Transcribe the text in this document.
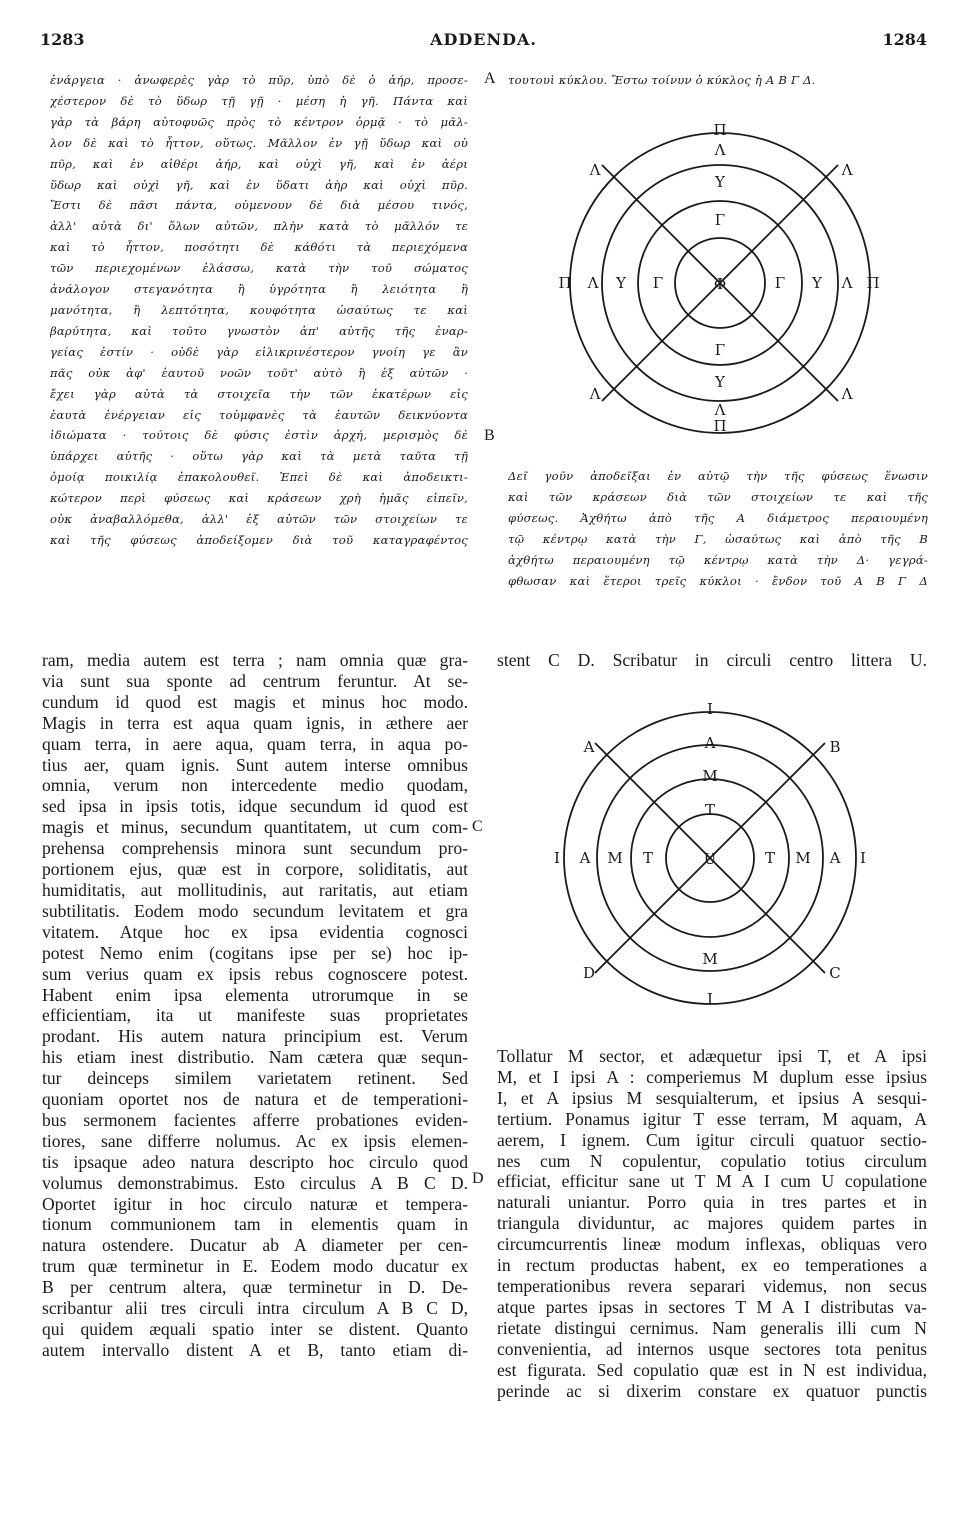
1283	ADDENDA.	1284
ἐνάργεια · ἀνωφερὲς γὰρ τὸ πῦρ, ὑπὸ δὲ ὁ ἀήρ, προσε-
χέστερον δὲ τὸ ὕδωρ τῇ γῇ · μέση ἡ γῆ. Πάντα καὶ
γὰρ τὰ βάρη αὐτοφυῶς πρὸς τὸ κέντρον ὁρμᾷ · τὸ μᾶλ-
λον δὲ καὶ τὸ ἧττον, οὕτως. Μᾶλλον ἐν γῇ ὕδωρ καὶ οὐ
πῦρ, καὶ ἐν αἰθέρι ἀήρ, καὶ οὐχὶ γῆ, καὶ ἐν ἀέρι
ὕδωρ καὶ οὐχὶ γῆ, καὶ ἐν ὕδατι ἀὴρ καὶ οὐχὶ πῦρ.
Ἔστι δὲ πᾶσι πάντα, οὐμενουν δὲ διὰ μέσου τινός,
ἀλλ' αὐτὰ δι' ὅλων αὐτῶν, πλὴν κατὰ τὸ μᾶλλόν τε
καὶ τὸ ἧττον, ποσότητι δὲ κάθότι τὰ περιεχόμενα
τῶν περιεχομένων ἐλάσσω, κατὰ τὴν τοῦ σώματος
ἀνάλογον στεγανότητα ἢ ὑγρότητα ἢ λειότητα ἢ
μανότητα, ἢ λεπτότητα, κουφότητα ὡσαύτως τε καὶ
βαρύτητα, καὶ τοῦτο γνωστὸν ἀπ' αὐτῆς τῆς ἐναρ-
γείας ἐστίν · οὐδὲ γὰρ εἰλικρινέστερον γνοίη γε ἂν
πᾶς οὐκ ἀφ' ἑαυτοῦ νοῶν τοῦτ' αὐτὸ ἢ ἐξ αὐτῶν ·
ἔχει γὰρ αὐτὰ τὰ στοιχεῖα τὴν τῶν ἑκατέρων εἰς
ἑαυτὰ ἐνέργειαν εἰς τοὐμφανὲς τὰ ἑαυτῶν δεικνύοντα
ἰδιώματα · τούτοις δὲ φύσις ἐστὶν ἀρχή, μερισμὸς δὲ
ὑπάρχει αὐτῆς · οὕτω γὰρ καὶ τὰ μετὰ ταῦτα τῇ
ὁμοίᾳ ποικιλίᾳ ἐπακολουθεῖ. Ἐπεὶ δὲ καὶ ἀποδεικτι-
κώτερον περὶ φύσεως καὶ κράσεων χρὴ ἡμᾶς εἰπεῖν,
οὐκ ἀναβαλλόμεθα, ἀλλ' ἐξ αὐτῶν τῶν στοιχείων τε
καὶ τῆς φύσεως ἀποδείξομεν διὰ τοῦ καταγραφέντος
A
B
τουτουὶ κύκλου. Ἔστω τοίνυν ὁ κύκλος ἡ Α Β Γ Δ.
Π
Λ
Υ
Γ
Φ
Γ
Υ
Λ
Π
Π Λ Υ Γ	Γ Υ Λ Π
Λ	Λ
Λ	Λ
Δεῖ γοῦν ἀποδεῖξαι ἐν αὐτῷ τὴν τῆς φύσεως ἕνωσιν
καὶ τῶν κράσεων διὰ τῶν στοιχείων τε καὶ τῆς
φύσεως. Ἀχθήτω ἀπὸ τῆς Α διάμετρος περαιουμένη
τῷ κέντρῳ κατὰ τὴν Γ, ὡσαύτως καὶ ἀπὸ τῆς Β
ἀχθήτω περαιουμένη τῷ κέντρῳ κατὰ τὴν Δ· γεγρά-
φθωσαν καὶ ἕτεροι τρεῖς κύκλοι · ἔνδον τοῦ Α Β Γ Δ
ram, media autem est terra ; nam omnia quæ gra-
via sunt sua sponte ad centrum feruntur. At se-
cundum id quod est magis et minus hoc modo.
Magis in terra est aqua quam ignis, in æthere aer
quam terra, in aere aqua, quam terra, in aqua po-
tius aer, quam ignis. Sunt autem interse omnibus
omnia, verum non intercedente medio quodam,
sed ipsa in ipsis totis, idque secundum id quod est
magis et minus, secundum quantitatem, ut cum com-
prehensa comprehensis minora sunt secundum pro-
portionem ejus, quæ est in corpore, soliditatis, aut
humiditatis, aut mollitudinis, aut raritatis, aut etiam
subtilitatis. Eodem modo secundum levitatem et gra
vitatem. Atque hoc ex ipsa evidentia cognosci
potest Nemo enim (cogitans ipse per se) hoc ip-
sum verius quam ex ipsis rebus cognoscere potest.
Habent enim ipsa elementa utrorumque in se
efficientiam, ita ut manifeste suas proprietates
prodant. His autem natura principium est. Verum
his etiam inest distributio. Nam cætera quæ sequn-
tur deinceps similem varietatem retinent. Sed
quoniam oportet nos de natura et de temperationi-
bus sermonem facientes afferre probationes eviden-
tiores, sane differre nolumus. Ac ex ipsis elemen-
tis ipsaque adeo natura descripto hoc circulo quod
volumus demonstrabimus. Esto circulus A B C D.
Oportet igitur in hoc circulo naturæ et tempera-
tionum communionem tam in elementis quam in
natura ostendere. Ducatur ab A diameter per cen-
trum quæ terminetur in E. Eodem modo ducatur ex
B per centrum altera, quæ terminetur in D. De-
scribantur alii tres circuli intra circulum A B C D,
qui quidem æquali spatio inter se distent. Quanto
autem intervallo distent A et B, tanto etiam di-
C
D
stent C D. Scribatur in circuli centro littera U.
I
A
M
T
U
M
I
I A M T	T M A I
A	B
D	C
Tollatur M sector, et adæquetur ipsi T, et A ipsi
M, et I ipsi A : comperiemus M duplum esse ipsius
I, et A ipsius M sesquialterum, et ipsius A sesqui-
tertium. Ponamus igitur T esse terram, M aquam, A
aerem, I ignem. Cum igitur circuli quatuor sectio-
nes cum N copulentur, copulatio totius circulum
efficiat, efficitur sane ut T M A I cum U copulatione
naturali uniantur. Porro quia in tres partes et in
triangula dividuntur, ac majores quidem partes in
circumcurrentis lineæ modum inflexas, obliquas vero
in rectum productas habent, ex eo temperationes a
temperationibus revera separari videmus, non secus
atque partes ipsas in sectores T M A I distributas va-
rietate distingui cernimus. Nam generalis illi cum N
convenientia, ad internos usque sectores tota penitus
est figurata. Sed copulatio quæ est in N est individua,
perinde ac si dixerim constare ex quatuor punctis
